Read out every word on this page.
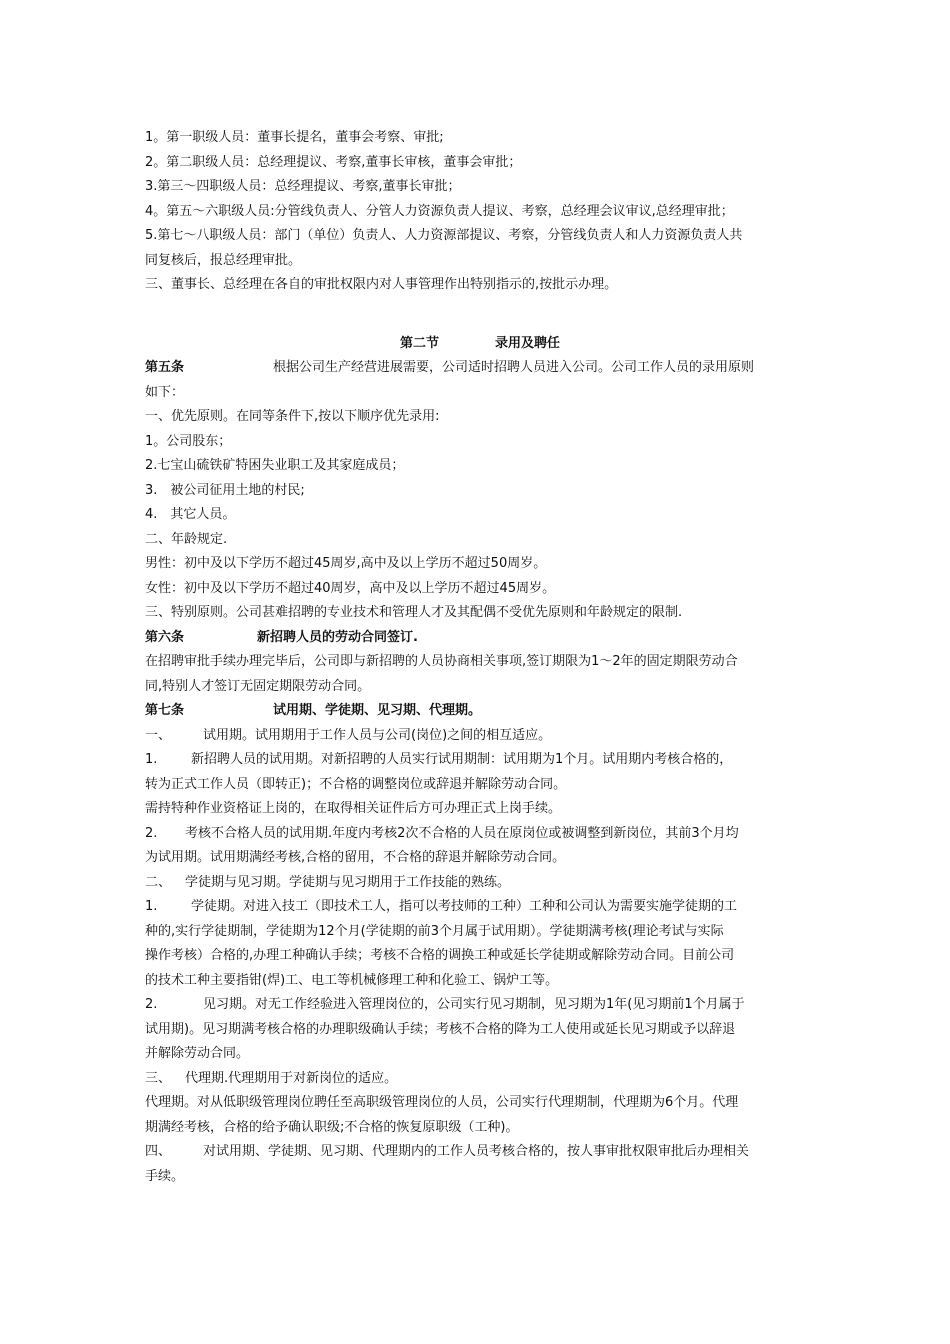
1。第一职级人员：董事长提名，董事会考察、审批;
2。第二职级人员：总经理提议、考察,董事长审核，董事会审批；
3.第三～四职级人员：总经理提议、考察,董事长审批；
4。第五～六职级人员:分管线负责人、分管人力资源负责人提议、考察，总经理会议审议,总经理审批；
5.第七～八职级人员：部门（单位）负责人、人力资源部提议、考察，分管线负责人和人力资源负责人共
同复核后，报总经理审批。
三、董事长、总经理在各自的审批权限内对人事管理作出特别指示的,按批示办理。
第二节	录用及聘任
第五条	根据公司生产经营进展需要，公司适时招聘人员进入公司。公司工作人员的录用原则
如下：
一、优先原则。在同等条件下,按以下顺序优先录用:
1。公司股东；
2.七宝山硫铁矿特困失业职工及其家庭成员；
3.　被公司征用土地的村民;
4.　其它人员。
二、年龄规定.
男性：初中及以下学历不超过45周岁,高中及以上学历不超过50周岁。
女性：初中及以下学历不超过40周岁，高中及以上学历不超过45周岁。
三、特别原则。公司甚难招聘的专业技术和管理人才及其配偶不受优先原则和年龄规定的限制.
第六条	新招聘人员的劳动合同签订.
在招聘审批手续办理完毕后，公司即与新招聘的人员协商相关事项,签订期限为1～2年的固定期限劳动合
同,特别人才签订无固定期限劳动合同。
第七条	试用期、学徒期、见习期、代理期。
一、 试用期。试用期用于工作人员与公司(岗位)之间的相互适应。
1.	新招聘人员的试用期。对新招聘的人员实行试用期制：试用期为1个月。试用期内考核合格的，
转为正式工作人员（即转正)；不合格的调整岗位或辞退并解除劳动合同。
需持特种作业资格证上岗的，在取得相关证件后方可办理正式上岗手续。
2. 考核不合格人员的试用期.年度内考核2次不合格的人员在原岗位或被调整到新岗位，其前3个月均
为试用期。试用期满经考核,合格的留用，不合格的辞退并解除劳动合同。
二、 学徒期与见习期。学徒期与见习期用于工作技能的熟练。
1.	学徒期。对进入技工（即技术工人，指可以考技师的工种）工种和公司认为需要实施学徒期的工
种的,实行学徒期制，学徒期为12个月(学徒期的前3个月属于试用期）。学徒期满考核(理论考试与实际
操作考核）合格的,办理工种确认手续；考核不合格的调换工种或延长学徒期或解除劳动合同。目前公司
的技术工种主要指钳(焊)工、电工等机械修理工种和化验工、锅炉工等。
2.	见习期。对无工作经验进入管理岗位的，公司实行见习期制，见习期为1年(见习期前1个月属于
试用期)。见习期满考核合格的办理职级确认手续；考核不合格的降为工人使用或延长见习期或予以辞退
并解除劳动合同。
三、 代理期.代理期用于对新岗位的适应。
代理期。对从低职级管理岗位聘任至高职级管理岗位的人员，公司实行代理期制，代理期为6个月。代理
期满经考核，合格的给予确认职级;不合格的恢复原职级（工种)。
四、 对试用期、学徒期、见习期、代理期内的工作人员考核合格的，按人事审批权限审批后办理相关
手续。
